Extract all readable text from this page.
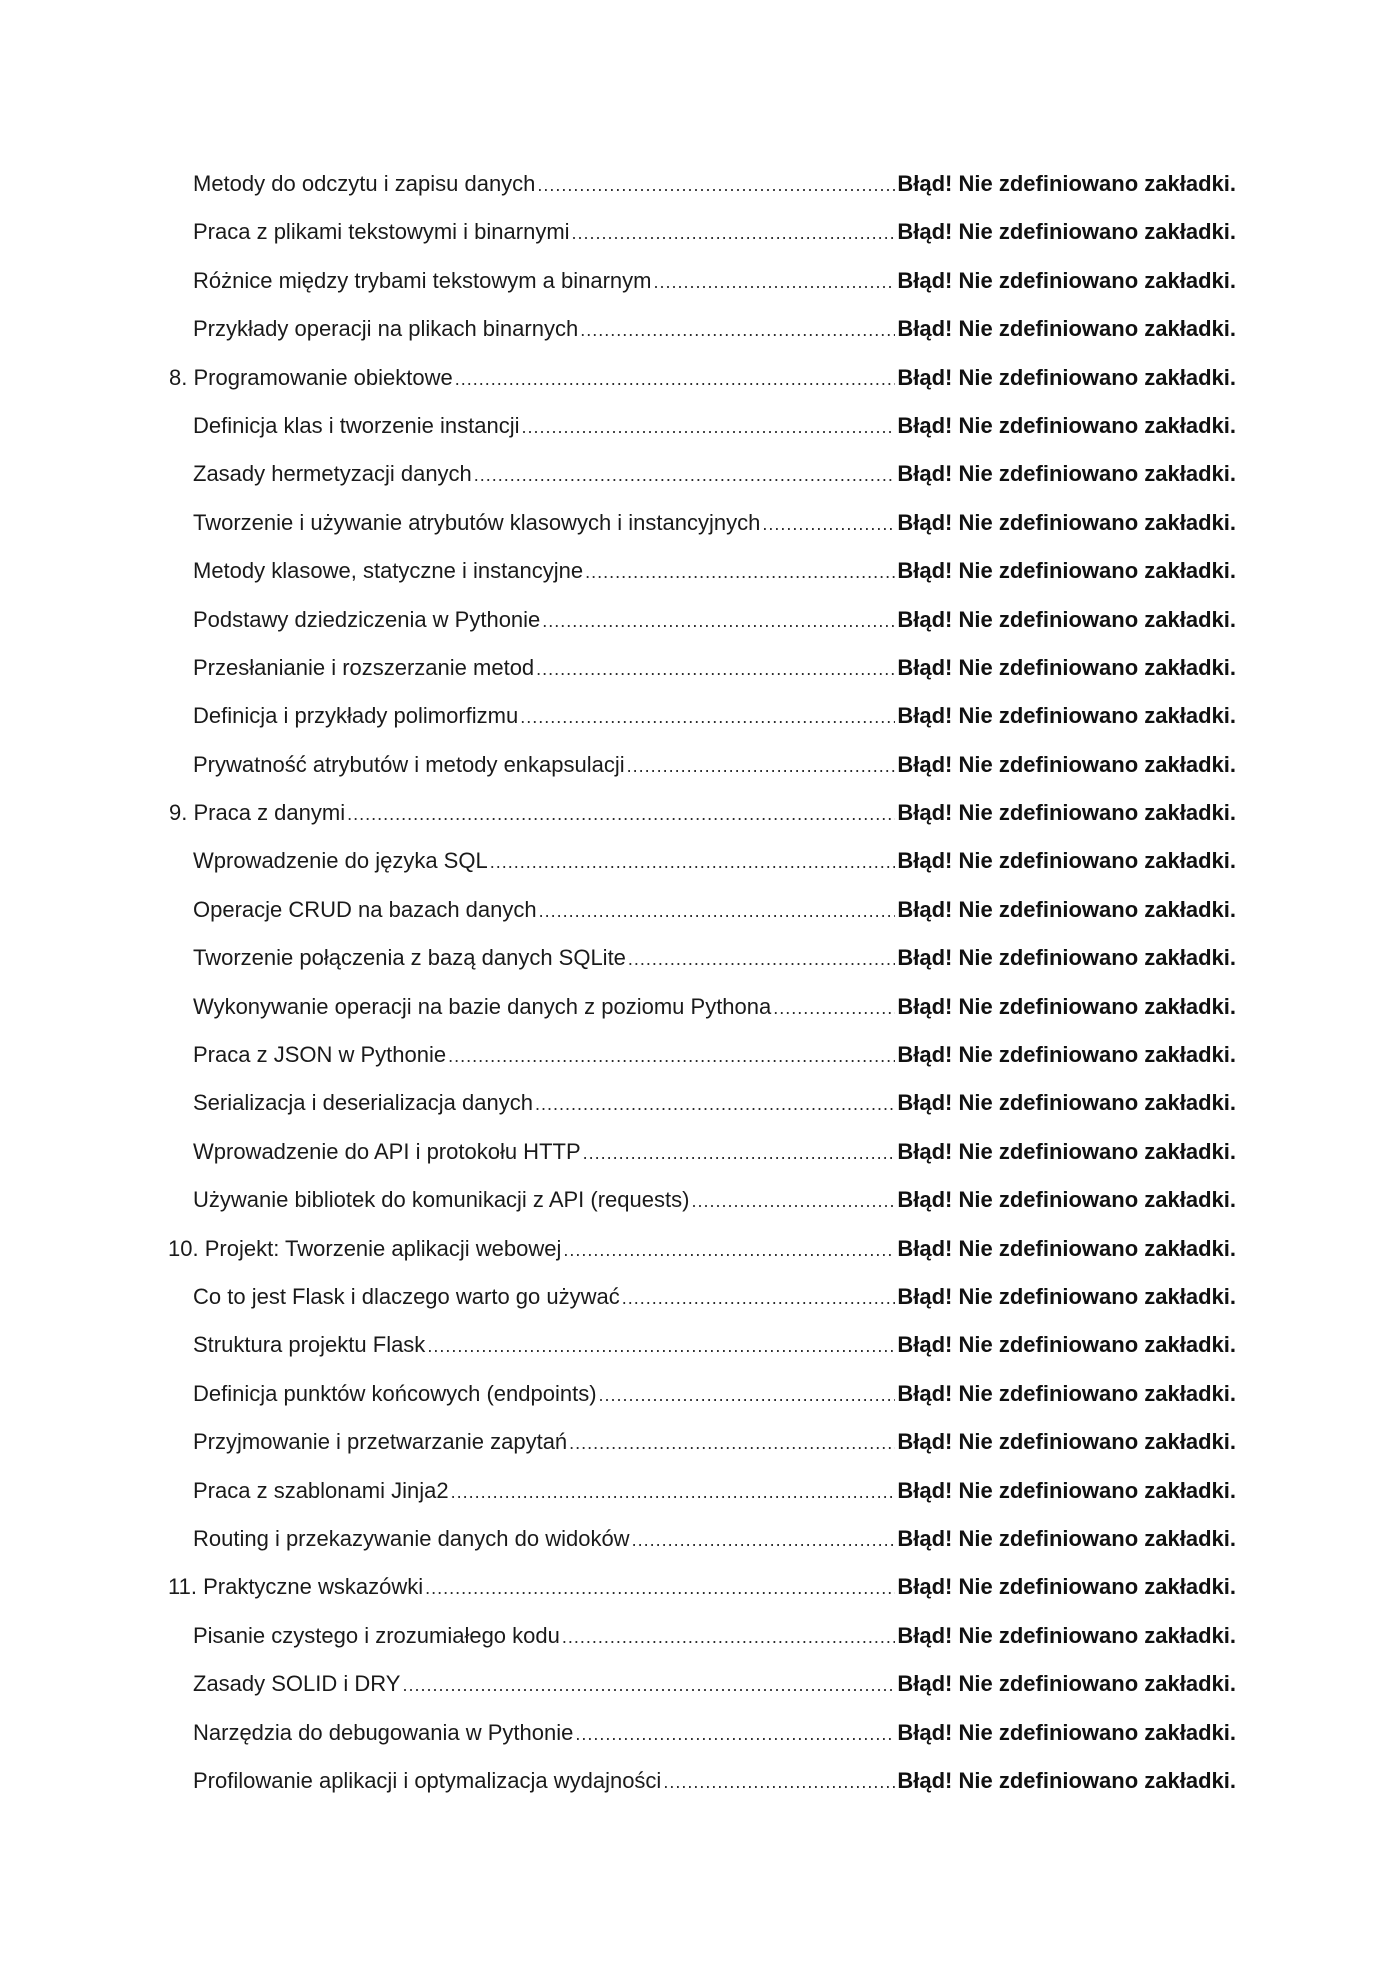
Metody do odczytu i zapisu danych .....	Błąd! Nie zdefiniowano zakładki.
Praca z plikami tekstowymi i binarnymi .....	Błąd! Nie zdefiniowano zakładki.
Różnice między trybami tekstowym a binarnym .....	Błąd! Nie zdefiniowano zakładki.
Przykłady operacji na plikach binarnych .....	Błąd! Nie zdefiniowano zakładki.
8. Programowanie obiektowe .....	Błąd! Nie zdefiniowano zakładki.
Definicja klas i tworzenie instancji .....	Błąd! Nie zdefiniowano zakładki.
Zasady hermetyzacji danych .....	Błąd! Nie zdefiniowano zakładki.
Tworzenie i używanie atrybutów klasowych i instancyjnych .....	Błąd! Nie zdefiniowano zakładki.
Metody klasowe, statyczne i instancyjne .....	Błąd! Nie zdefiniowano zakładki.
Podstawy dziedziczenia w Pythonie .....	Błąd! Nie zdefiniowano zakładki.
Przesłanianie i rozszerzanie metod .....	Błąd! Nie zdefiniowano zakładki.
Definicja i przykłady polimorfizmu .....	Błąd! Nie zdefiniowano zakładki.
Prywatność atrybutów i metody enkapsulacji .....	Błąd! Nie zdefiniowano zakładki.
9. Praca z danymi .....	Błąd! Nie zdefiniowano zakładki.
Wprowadzenie do języka SQL .....	Błąd! Nie zdefiniowano zakładki.
Operacje CRUD na bazach danych .....	Błąd! Nie zdefiniowano zakładki.
Tworzenie połączenia z bazą danych SQLite .....	Błąd! Nie zdefiniowano zakładki.
Wykonywanie operacji na bazie danych z poziomu Pythona .....	Błąd! Nie zdefiniowano zakładki.
Praca z JSON w Pythonie .....	Błąd! Nie zdefiniowano zakładki.
Serializacja i deserializacja danych .....	Błąd! Nie zdefiniowano zakładki.
Wprowadzenie do API i protokołu HTTP .....	Błąd! Nie zdefiniowano zakładki.
Używanie bibliotek do komunikacji z API (requests) .....	Błąd! Nie zdefiniowano zakładki.
10. Projekt: Tworzenie aplikacji webowej .....	Błąd! Nie zdefiniowano zakładki.
Co to jest Flask i dlaczego warto go używać .....	Błąd! Nie zdefiniowano zakładki.
Struktura projektu Flask .....	Błąd! Nie zdefiniowano zakładki.
Definicja punktów końcowych (endpoints) .....	Błąd! Nie zdefiniowano zakładki.
Przyjmowanie i przetwarzanie zapytań .....	Błąd! Nie zdefiniowano zakładki.
Praca z szablonami Jinja2 .....	Błąd! Nie zdefiniowano zakładki.
Routing i przekazywanie danych do widoków .....	Błąd! Nie zdefiniowano zakładki.
11. Praktyczne wskazówki .....	Błąd! Nie zdefiniowano zakładki.
Pisanie czystego i zrozumiałego kodu .....	Błąd! Nie zdefiniowano zakładki.
Zasady SOLID i DRY .....	Błąd! Nie zdefiniowano zakładki.
Narzędzia do debugowania w Pythonie .....	Błąd! Nie zdefiniowano zakładki.
Profilowanie aplikacji i optymalizacja wydajności .....	Błąd! Nie zdefiniowano zakładki.
